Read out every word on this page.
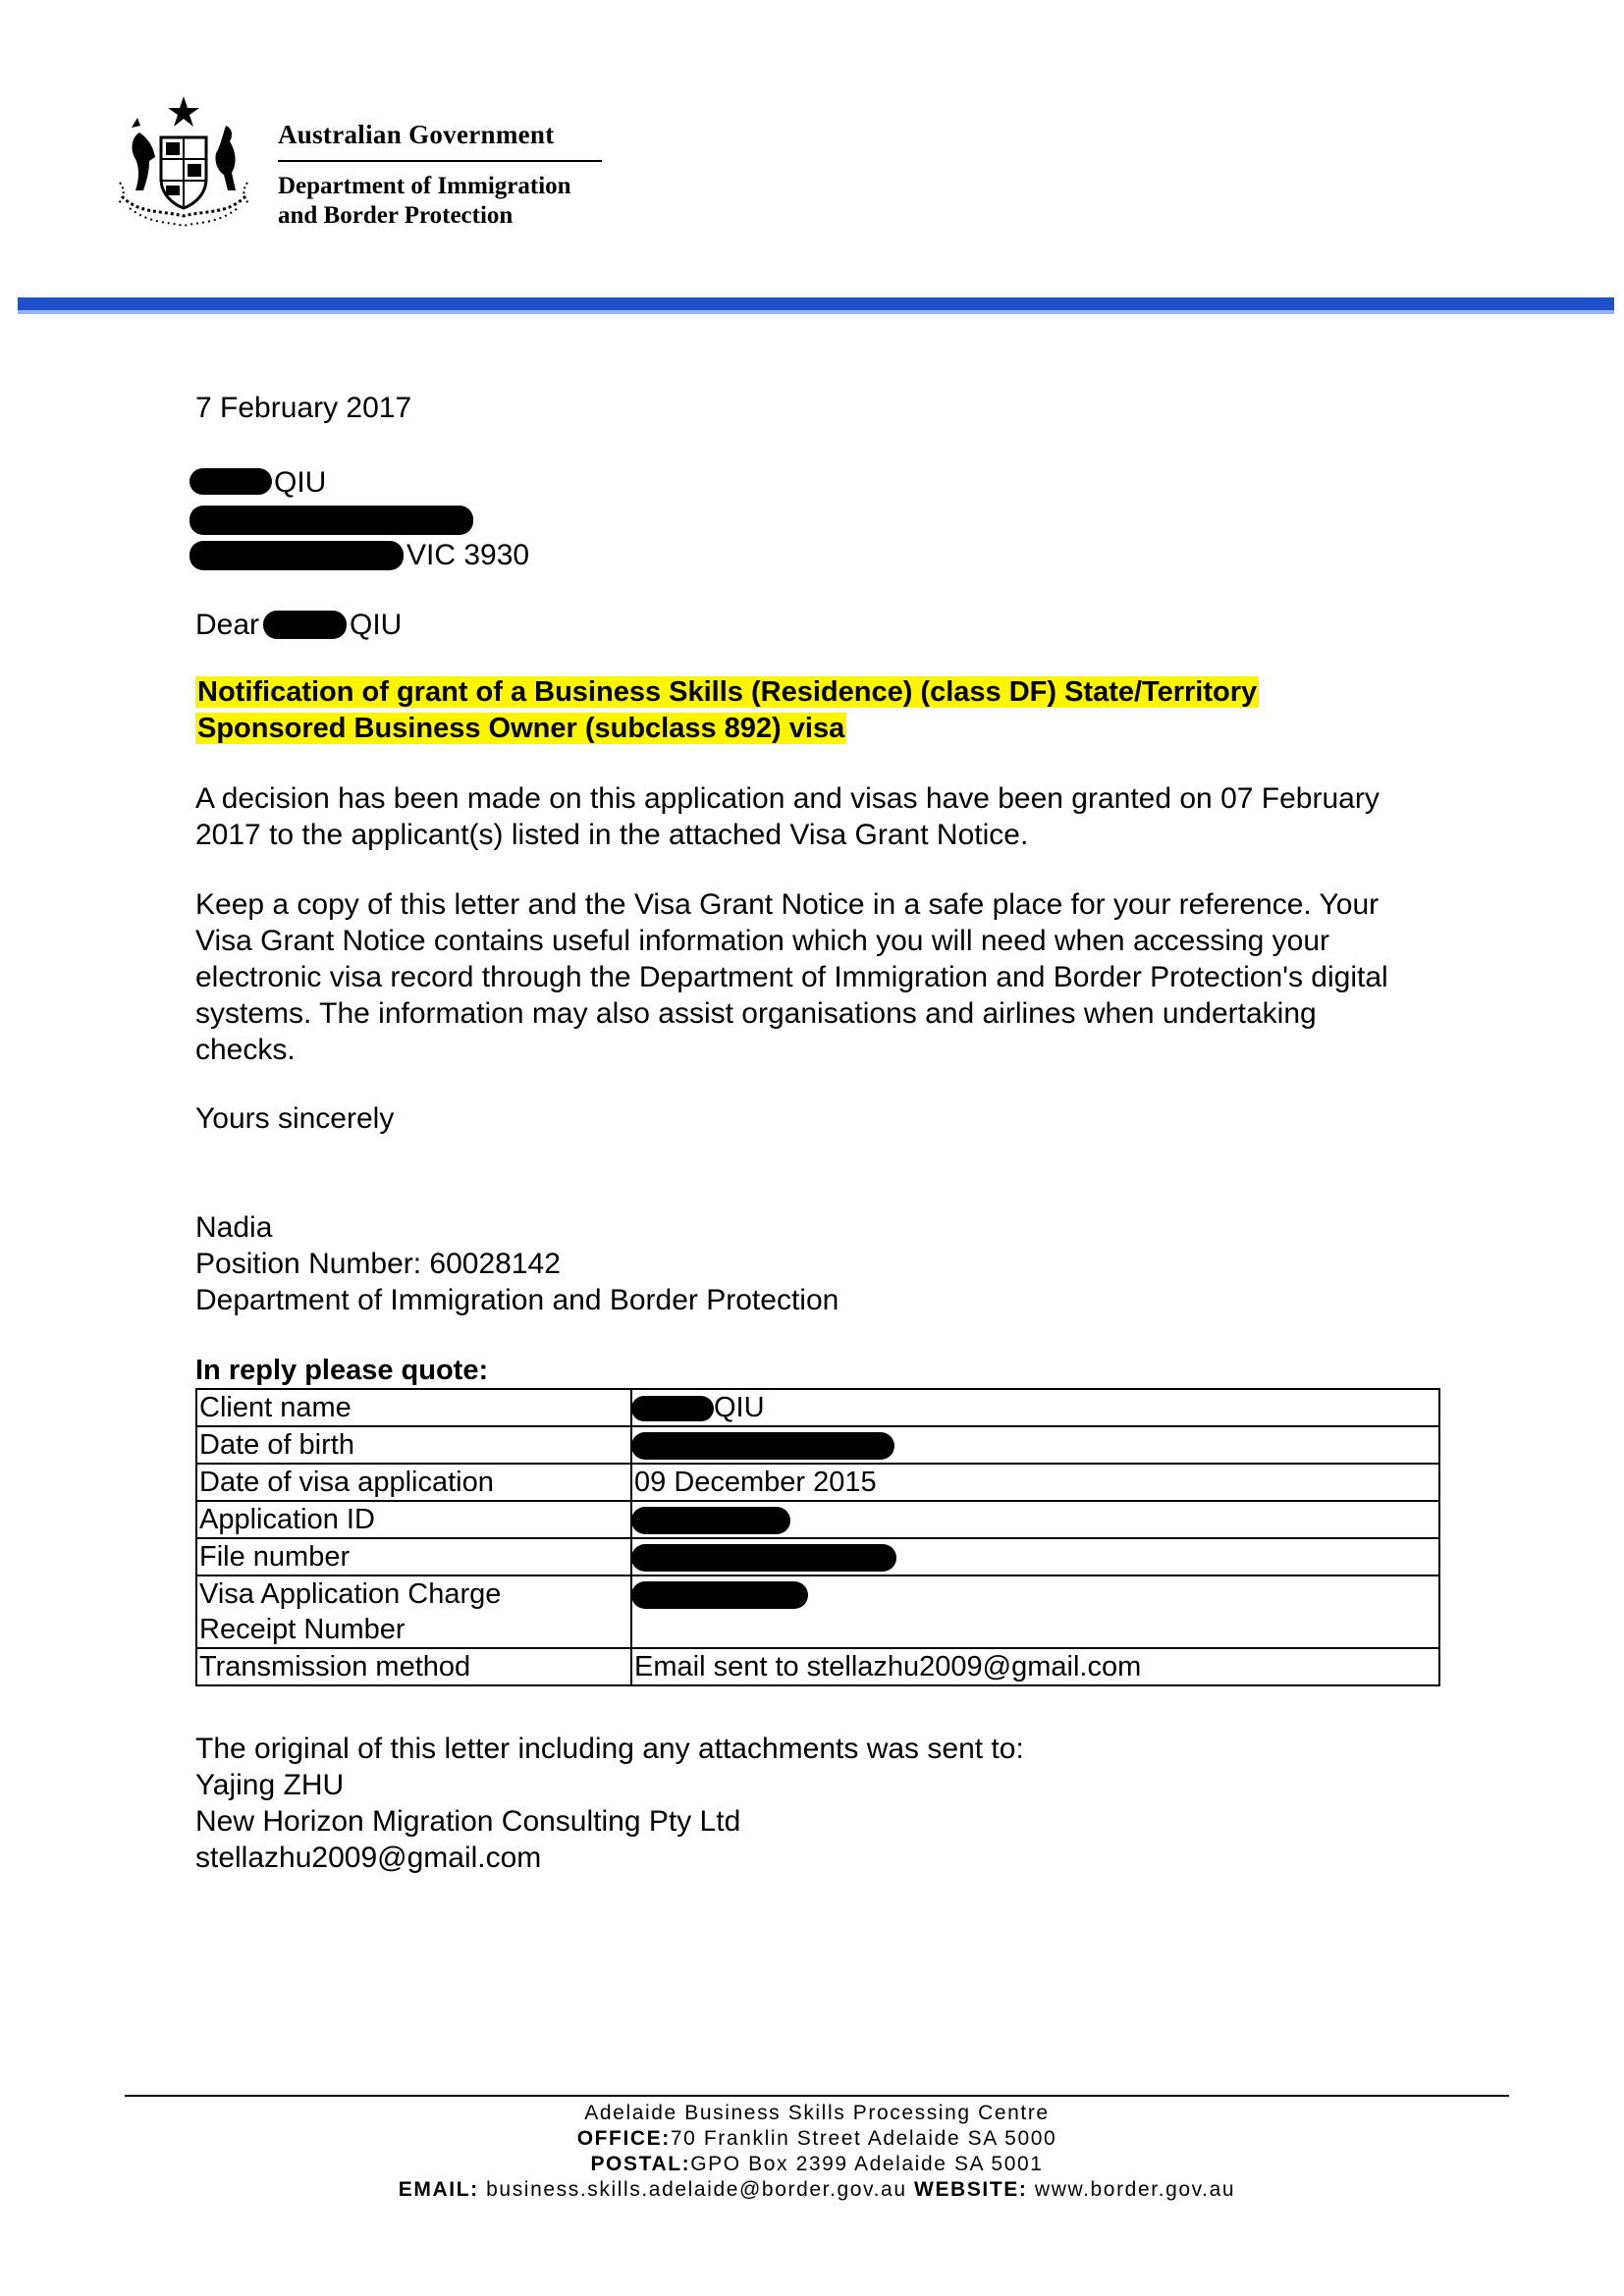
Australian Government
Department of Immigration
and Border Protection
7 February 2017
QIU
VIC 3930
Dear	QIU
Notification of grant of a Business Skills (Residence) (class DF) State/Territory
Sponsored Business Owner (subclass 892) visa
A decision has been made on this application and visas have been granted on 07 February
2017 to the applicant(s) listed in the attached Visa Grant Notice.
Keep a copy of this letter and the Visa Grant Notice in a safe place for your reference. Your
Visa Grant Notice contains useful information which you will need when accessing your
electronic visa record through the Department of Immigration and Border Protection's digital
systems. The information may also assist organisations and airlines when undertaking
checks.
Yours sincerely
Nadia
Position Number: 60028142
Department of Immigration and Border Protection
In reply please quote:
Client name	QIU
Date of birth	
Date of visa application	09 December 2015
Application ID	
File number	

Visa Application Charge
Receipt Number	

Transmission method	Email sent to stellazhu2009@gmail.com
The original of this letter including any attachments was sent to:
Yajing ZHU
New Horizon Migration Consulting Pty Ltd
stellazhu2009@gmail.com
Adelaide Business Skills Processing Centre
OFFICE:70 Franklin Street Adelaide SA 5000
POSTAL:GPO Box 2399 Adelaide SA 5001
EMAIL: business.skills.adelaide@border.gov.au WEBSITE: www.border.gov.au
